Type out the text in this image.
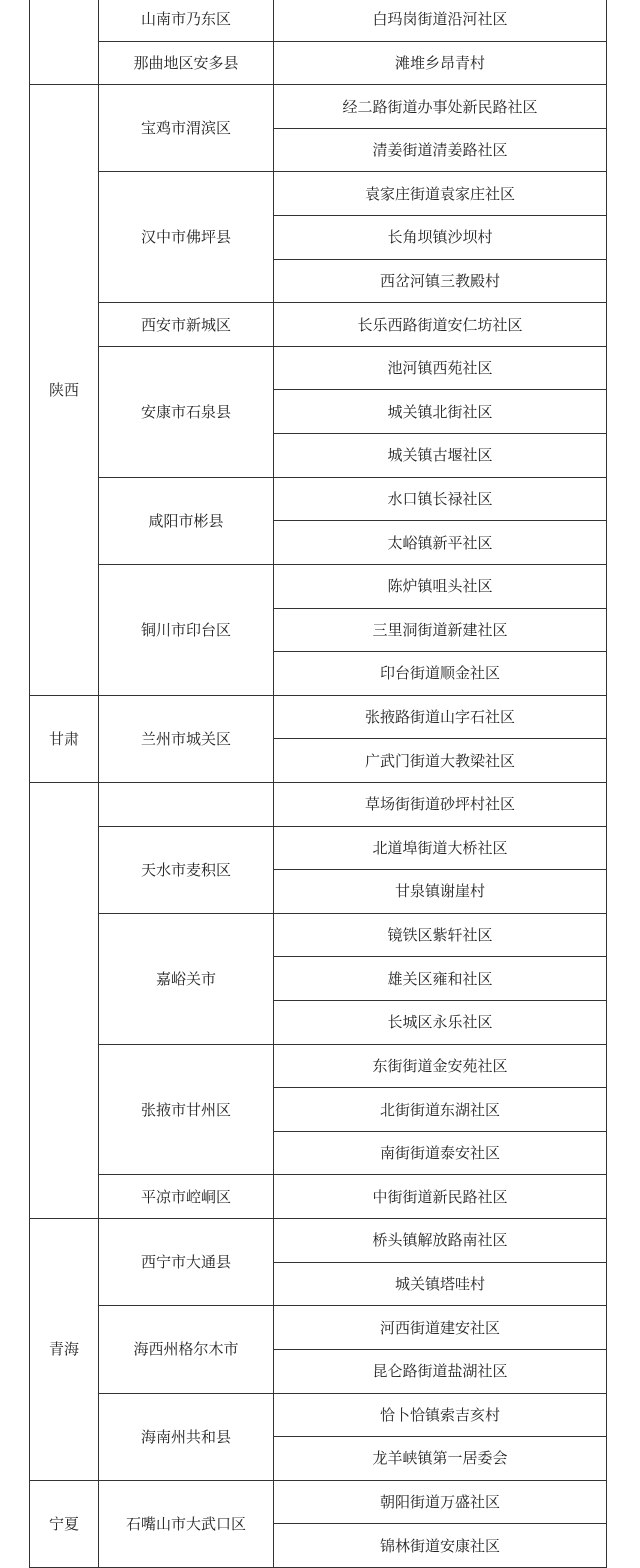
	山南市乃东区	白玛岗街道沿河社区
	那曲地区安多县	滩堆乡昂青村
陕西	宝鸡市渭滨区	经二路街道办事处新民路社区
		清姜街道清姜路社区
	汉中市佛坪县	袁家庄街道袁家庄社区
		长角坝镇沙坝村
		西岔河镇三教殿村
	西安市新城区	长乐西路街道安仁坊社区
	安康市石泉县	池河镇西苑社区
		城关镇北街社区
		城关镇古堰社区
	咸阳市彬县	水口镇长禄社区
		太峪镇新平社区
	铜川市印台区	陈炉镇咀头社区
		三里洞街道新建社区
		印台街道顺金社区
甘肃	兰州市城关区	张掖路街道山字石社区
		广武门街道大教梁社区
		草场街街道砂坪村社区
	天水市麦积区	北道埠街道大桥社区
		甘泉镇谢崖村
	嘉峪关市	镜铁区紫轩社区
		雄关区雍和社区
		长城区永乐社区
	张掖市甘州区	东街街道金安苑社区
		北街街道东湖社区
		南街街道泰安社区
	平凉市崆峒区	中街街道新民路社区
青海	西宁市大通县	桥头镇解放路南社区
		城关镇塔哇村
	海西州格尔木市	河西街道建安社区
		昆仑路街道盐湖社区
	海南州共和县	恰卜恰镇索吉亥村
		龙羊峡镇第一居委会
宁夏	石嘴山市大武口区	朝阳街道万盛社区
		锦林街道安康社区
